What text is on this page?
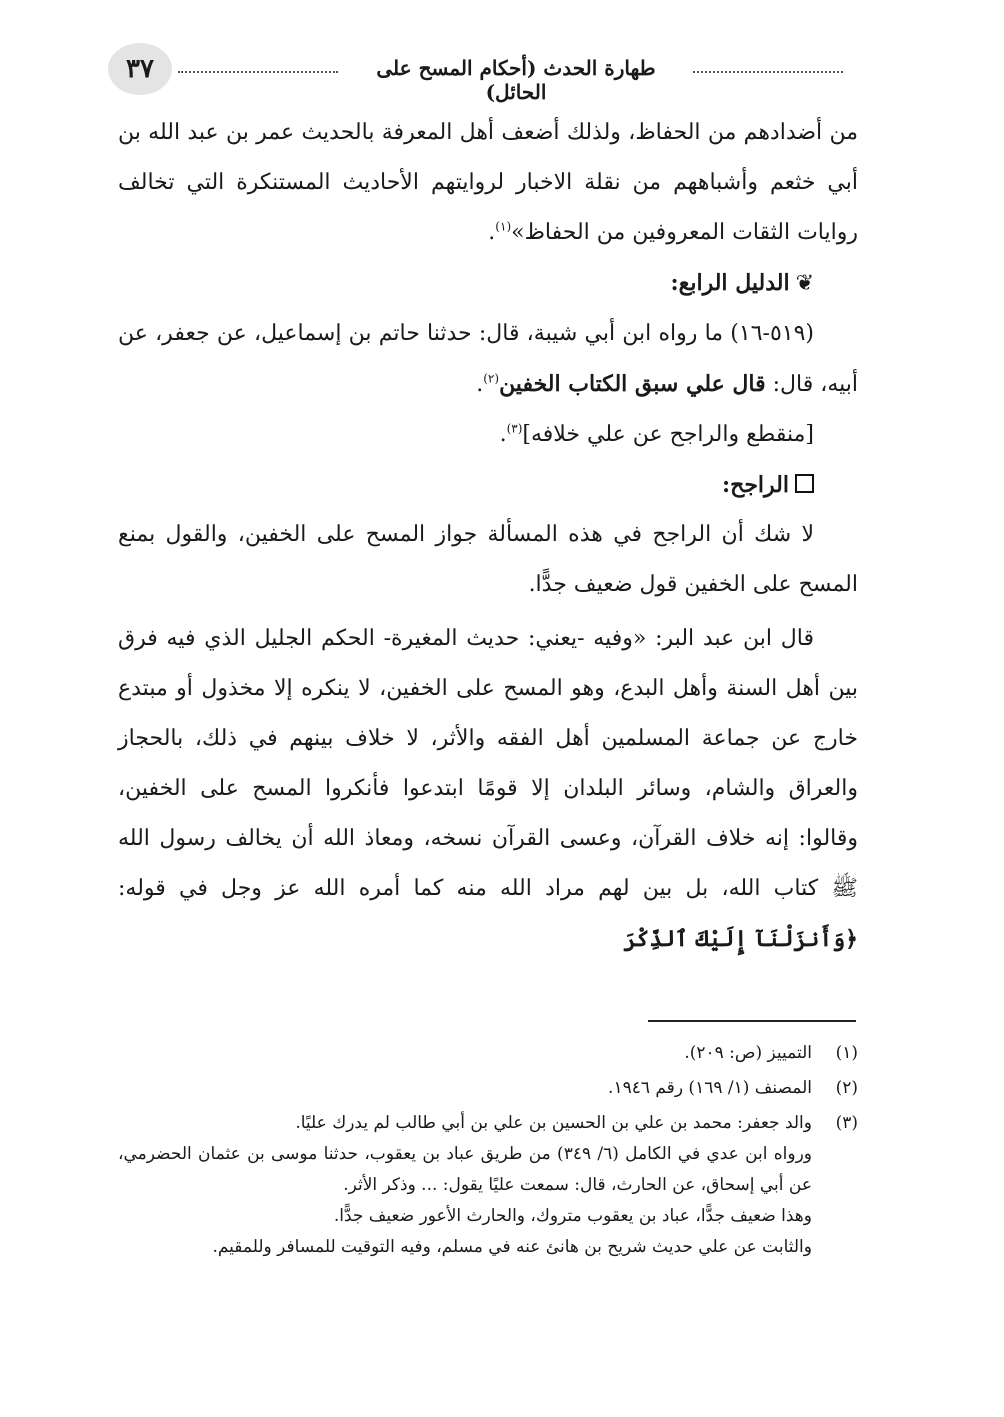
٣٧	طهارة الحدث (أحكام المسح على الحائل)

من أضدادهم من الحفاظ، ولذلك أضعف أهل المعرفة بالحديث عمر بن عبد الله بن أبي خثعم وأشباههم من نقلة الاخبار لروايتهم الأحاديث المستنكرة التي تخالف روايات الثقات المعروفين من الحفاظ»$^{(١)}$.

❦الدليل الرابع:

(٥١٩-١٦) ما رواه ابن أبي شيبة، قال: حدثنا حاتم بن إسماعيل، عن جعفر، عن أبيه، قال: قال علي سبق الكتاب الخفين$^{(٢)}$.

[منقطع والراجح عن علي خلافه]$^{(٣)}$.

الراجح:

لا شك أن الراجح في هذه المسألة جواز المسح على الخفين، والقول بمنع المسح على الخفين قول ضعيف جدًّا.

قال ابن عبد البر: «وفيه -يعني: حديث المغيرة- الحكم الجليل الذي فيه فرق بين أهل السنة وأهل البدع، وهو المسح على الخفين، لا ينكره إلا مخذول أو مبتدع خارج عن جماعة المسلمين أهل الفقه والأثر، لا خلاف بينهم في ذلك، بالحجاز والعراق والشام، وسائر البلدان إلا قومًا ابتدعوا فأنكروا المسح على الخفين، وقالوا: إنه خلاف القرآن، وعسى القرآن نسخه، ومعاذ الله أن يخالف رسول الله ﷺ كتاب الله، بل بين لهم مراد الله منه كما أمره الله عز وجل في قوله: ﴿وَأَنزَلْنَآ إِلَيْكَ ٱلذِّكْرَ

(١)
التمييز (ص: ٢٠٩).
(٢)
المصنف (١/ ١٦٩) رقم ١٩٤٦.
(٣)
والد جعفر: محمد بن علي بن الحسين بن علي بن أبي طالب لم يدرك عليًا.
ورواه ابن عدي في الكامل (٦/ ٣٤٩) من طريق عباد بن يعقوب، حدثنا موسى بن عثمان الحضرمي، عن أبي إسحاق، عن الحارث، قال: سمعت عليًا يقول: ... وذكر الأثر.
وهذا ضعيف جدًّا، عباد بن يعقوب متروك، والحارث الأعور ضعيف جدًّا.
والثابت عن علي حديث شريح بن هانئ عنه في مسلم، وفيه التوقيت للمسافر وللمقيم.
